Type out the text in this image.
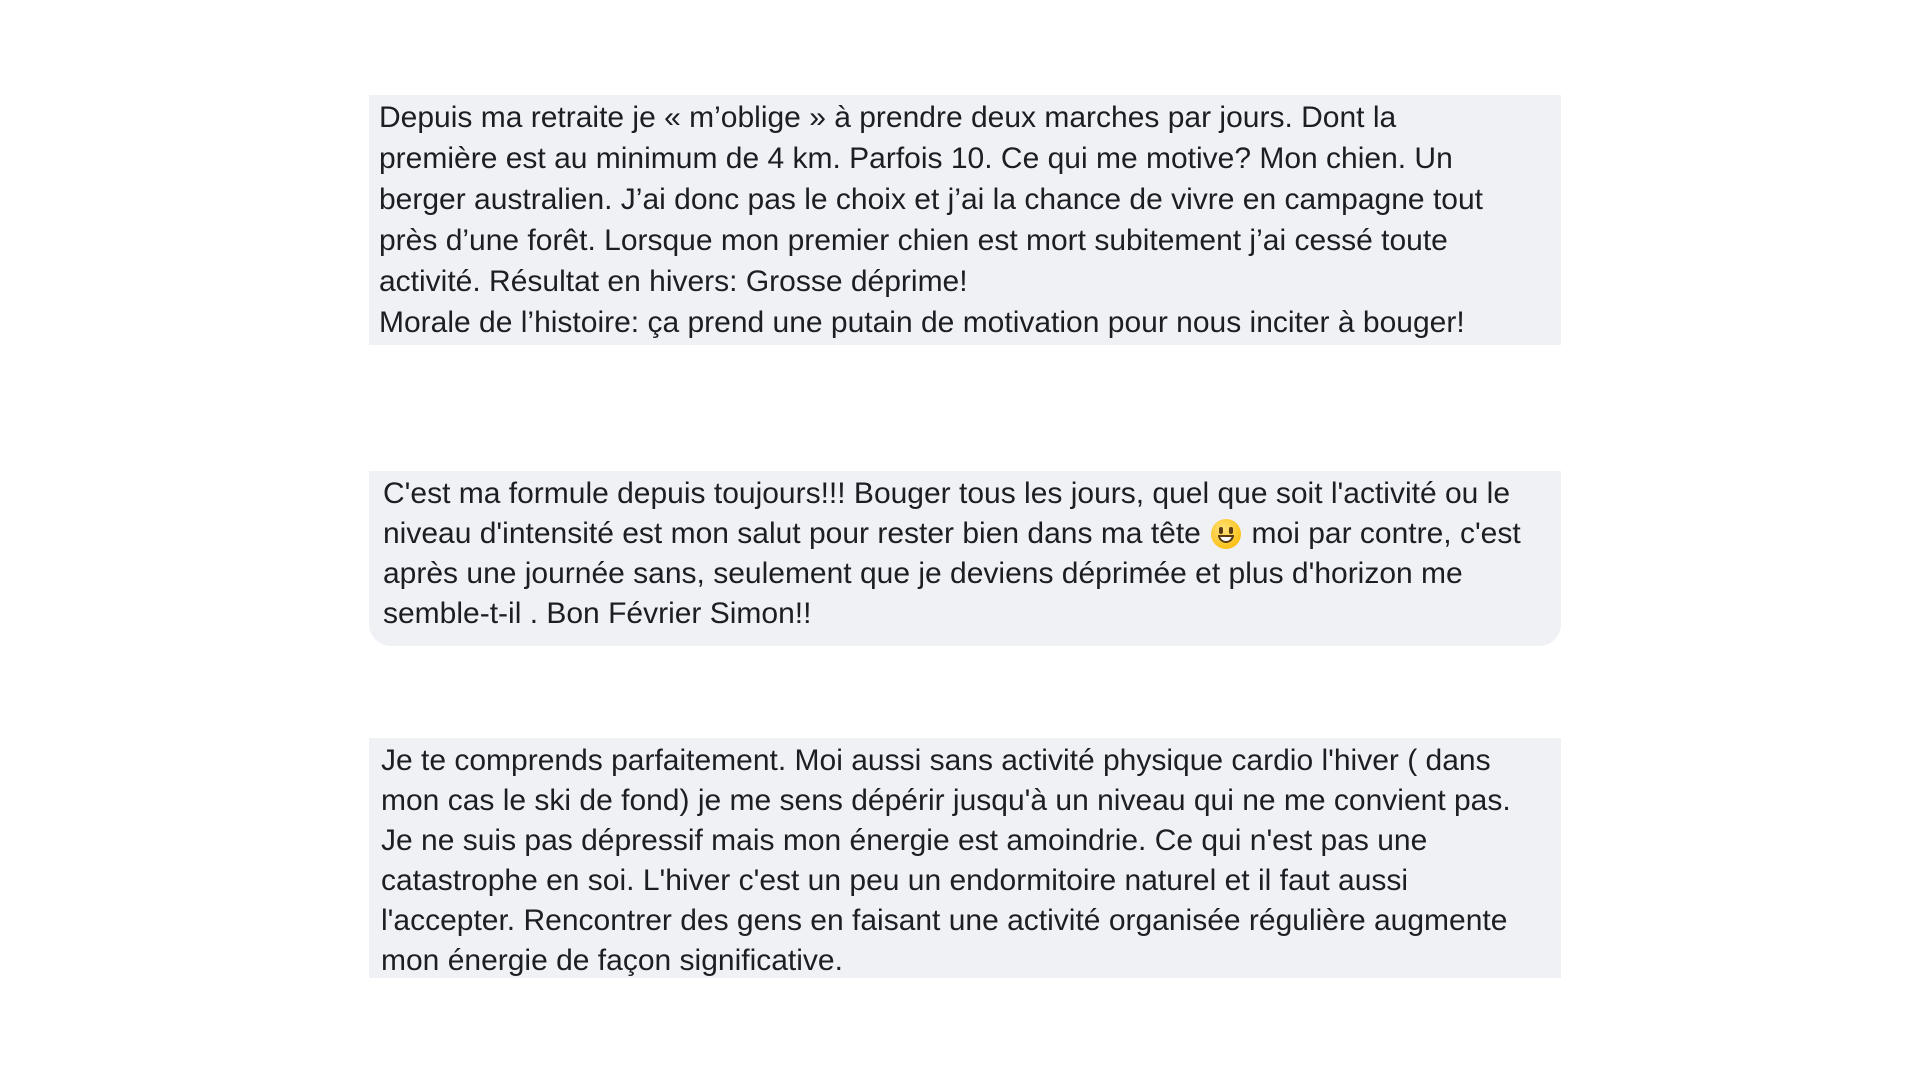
Depuis ma retraite je « m’oblige » à prendre deux marches par jours. Dont la

première est au minimum de 4 km. Parfois 10. Ce qui me motive? Mon chien. Un

berger australien. J’ai donc pas le choix et j’ai la chance de vivre en campagne tout

près d’une forêt. Lorsque mon premier chien est mort subitement j’ai cessé toute

activité. Résultat en hivers: Grosse déprime!

Morale de l’histoire: ça prend une putain de motivation pour nous inciter à bouger!

C'est ma formule depuis toujours!!! Bouger tous les jours, quel que soit l'activité ou le niveau d'intensité est mon salut pour rester bien dans ma tête  moi par contre, c'est après une journée sans, seulement que je deviens déprimée et plus d'horizon me semble-t-il . Bon Février Simon!!

Je te comprends parfaitement. Moi aussi sans activité physique cardio l'hiver ( dans mon cas le ski de fond) je me sens dépérir jusqu'à un niveau qui ne me convient pas. Je ne suis pas dépressif mais mon énergie est amoindrie. Ce qui n'est pas une catastrophe en soi. L'hiver c'est un peu un endormitoire naturel et il faut aussi l'accepter. Rencontrer des gens en faisant une activité organisée régulière augmente mon énergie de façon significative.
